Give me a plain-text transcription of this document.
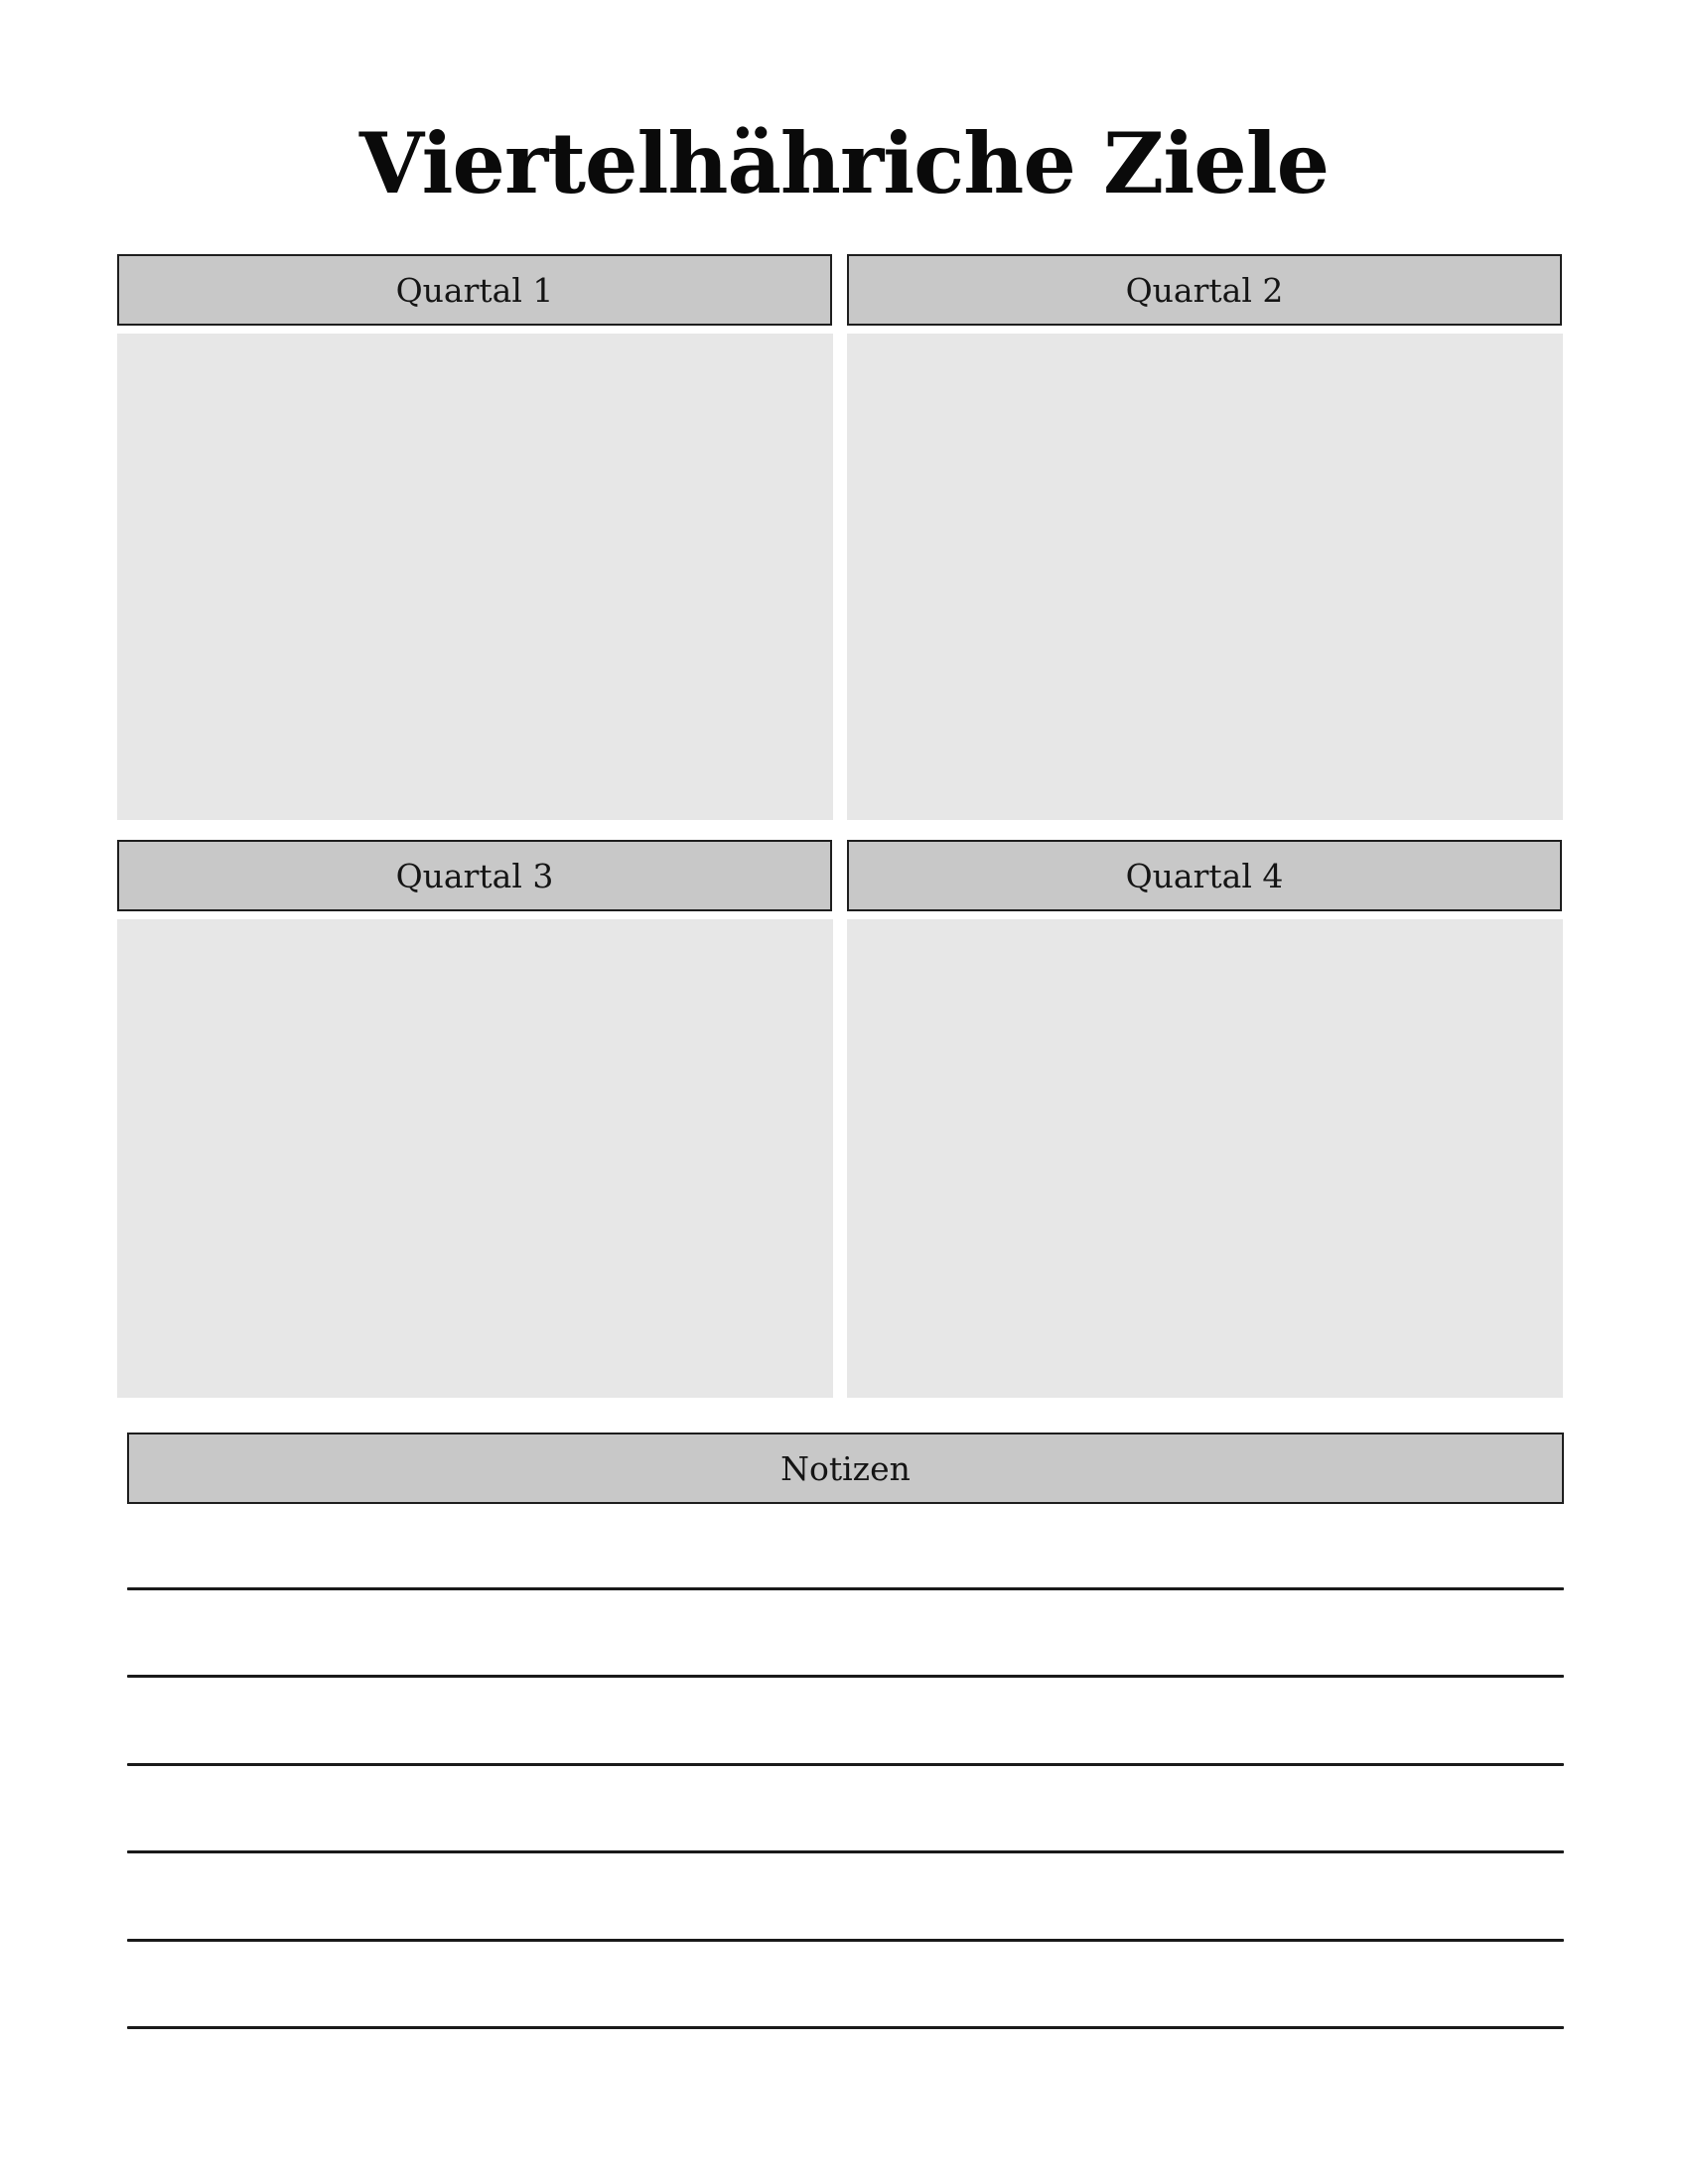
Viertelhähriche Ziele
Quartal 1	Quartal 2
Quartal 3	Quartal 4
Notizen
